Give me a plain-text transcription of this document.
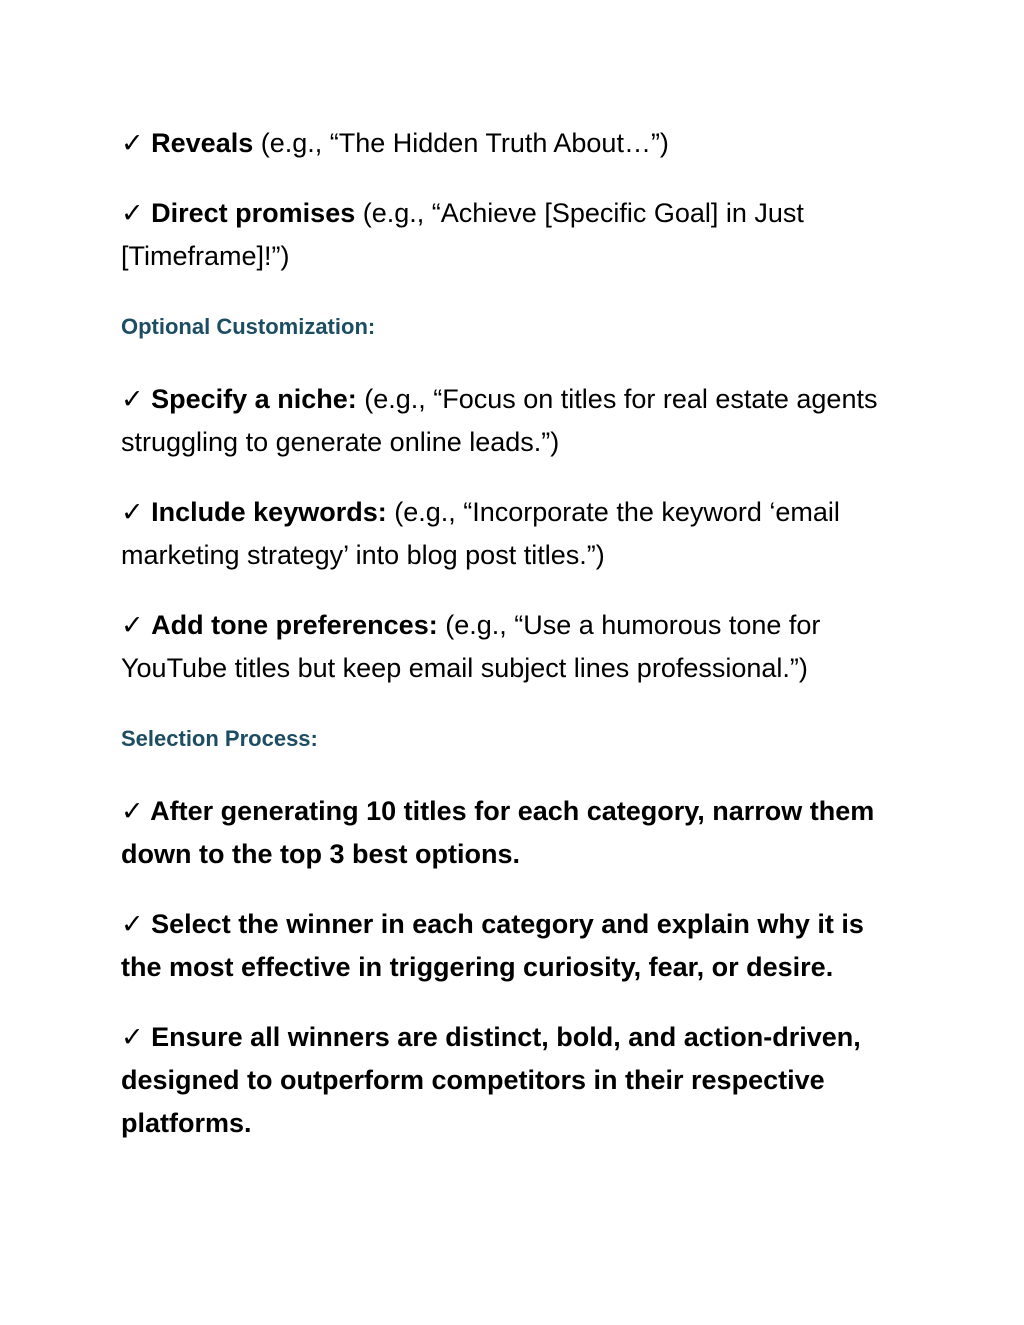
✓ Reveals (e.g., “The Hidden Truth About…”)

✓ Direct promises (e.g., “Achieve [Specific Goal] in Just [Timeframe]!”)

Optional Customization:

✓ Specify a niche: (e.g., “Focus on titles for real estate agents struggling to generate online leads.”)

✓ Include keywords: (e.g., “Incorporate the keyword ‘email marketing strategy’ into blog post titles.”)

✓ Add tone preferences: (e.g., “Use a humorous tone for YouTube titles but keep email subject lines professional.”)

Selection Process:

✓ After generating 10 titles for each category, narrow them down to the top 3 best options.

✓ Select the winner in each category and explain why it is the most effective in triggering curiosity, fear, or desire.

✓ Ensure all winners are distinct, bold, and action-driven, designed to outperform competitors in their respective platforms.
